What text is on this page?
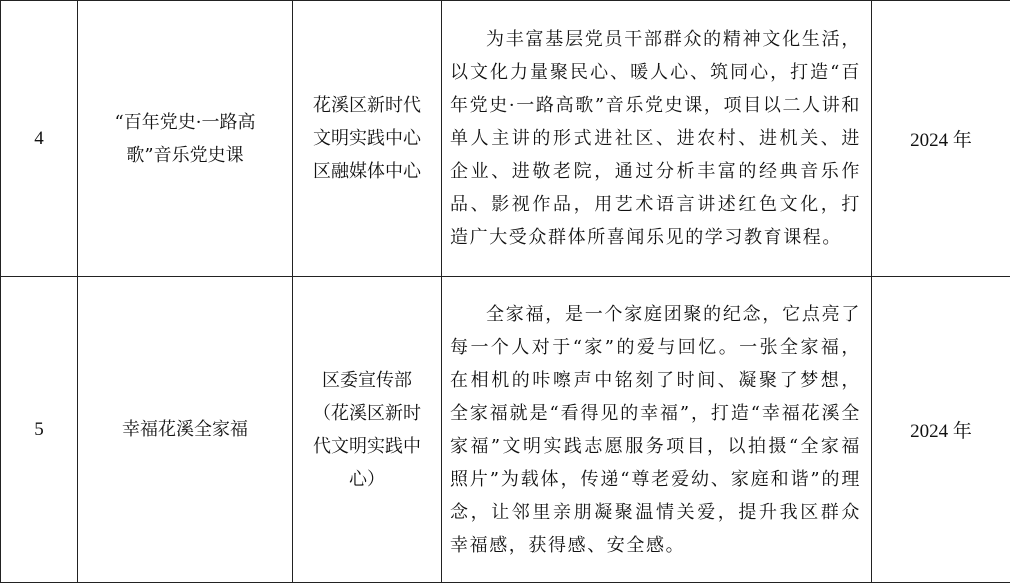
4	“百年党史·一路高歌”音乐党史课	花溪区新时代文明实践中心区融媒体中心	为丰富基层党员干部群众的精神文化生活，以文化力量聚民心、暖人心、筑同心，打造“百年党史·一路高歌”音乐党史课，项目以二人讲和单人主讲的形式进社区、进农村、进机关、进企业、进敬老院，通过分析丰富的经典音乐作品、影视作品，用艺术语言讲述红色文化，打造广大受众群体所喜闻乐见的学习教育课程。	2024 年
5	幸福花溪全家福	区委宣传部（花溪区新时代文明实践中心）	全家福，是一个家庭团聚的纪念，它点亮了每一个人对于“家”的爱与回忆。一张全家福，在相机的咔嚓声中铭刻了时间、凝聚了梦想，全家福就是“看得见的幸福”，打造“幸福花溪全家福”文明实践志愿服务项目，以拍摄“全家福照片”为载体，传递“尊老爱幼、家庭和谐”的理念，让邻里亲朋凝聚温情关爱，提升我区群众幸福感，获得感、安全感。	2024 年
